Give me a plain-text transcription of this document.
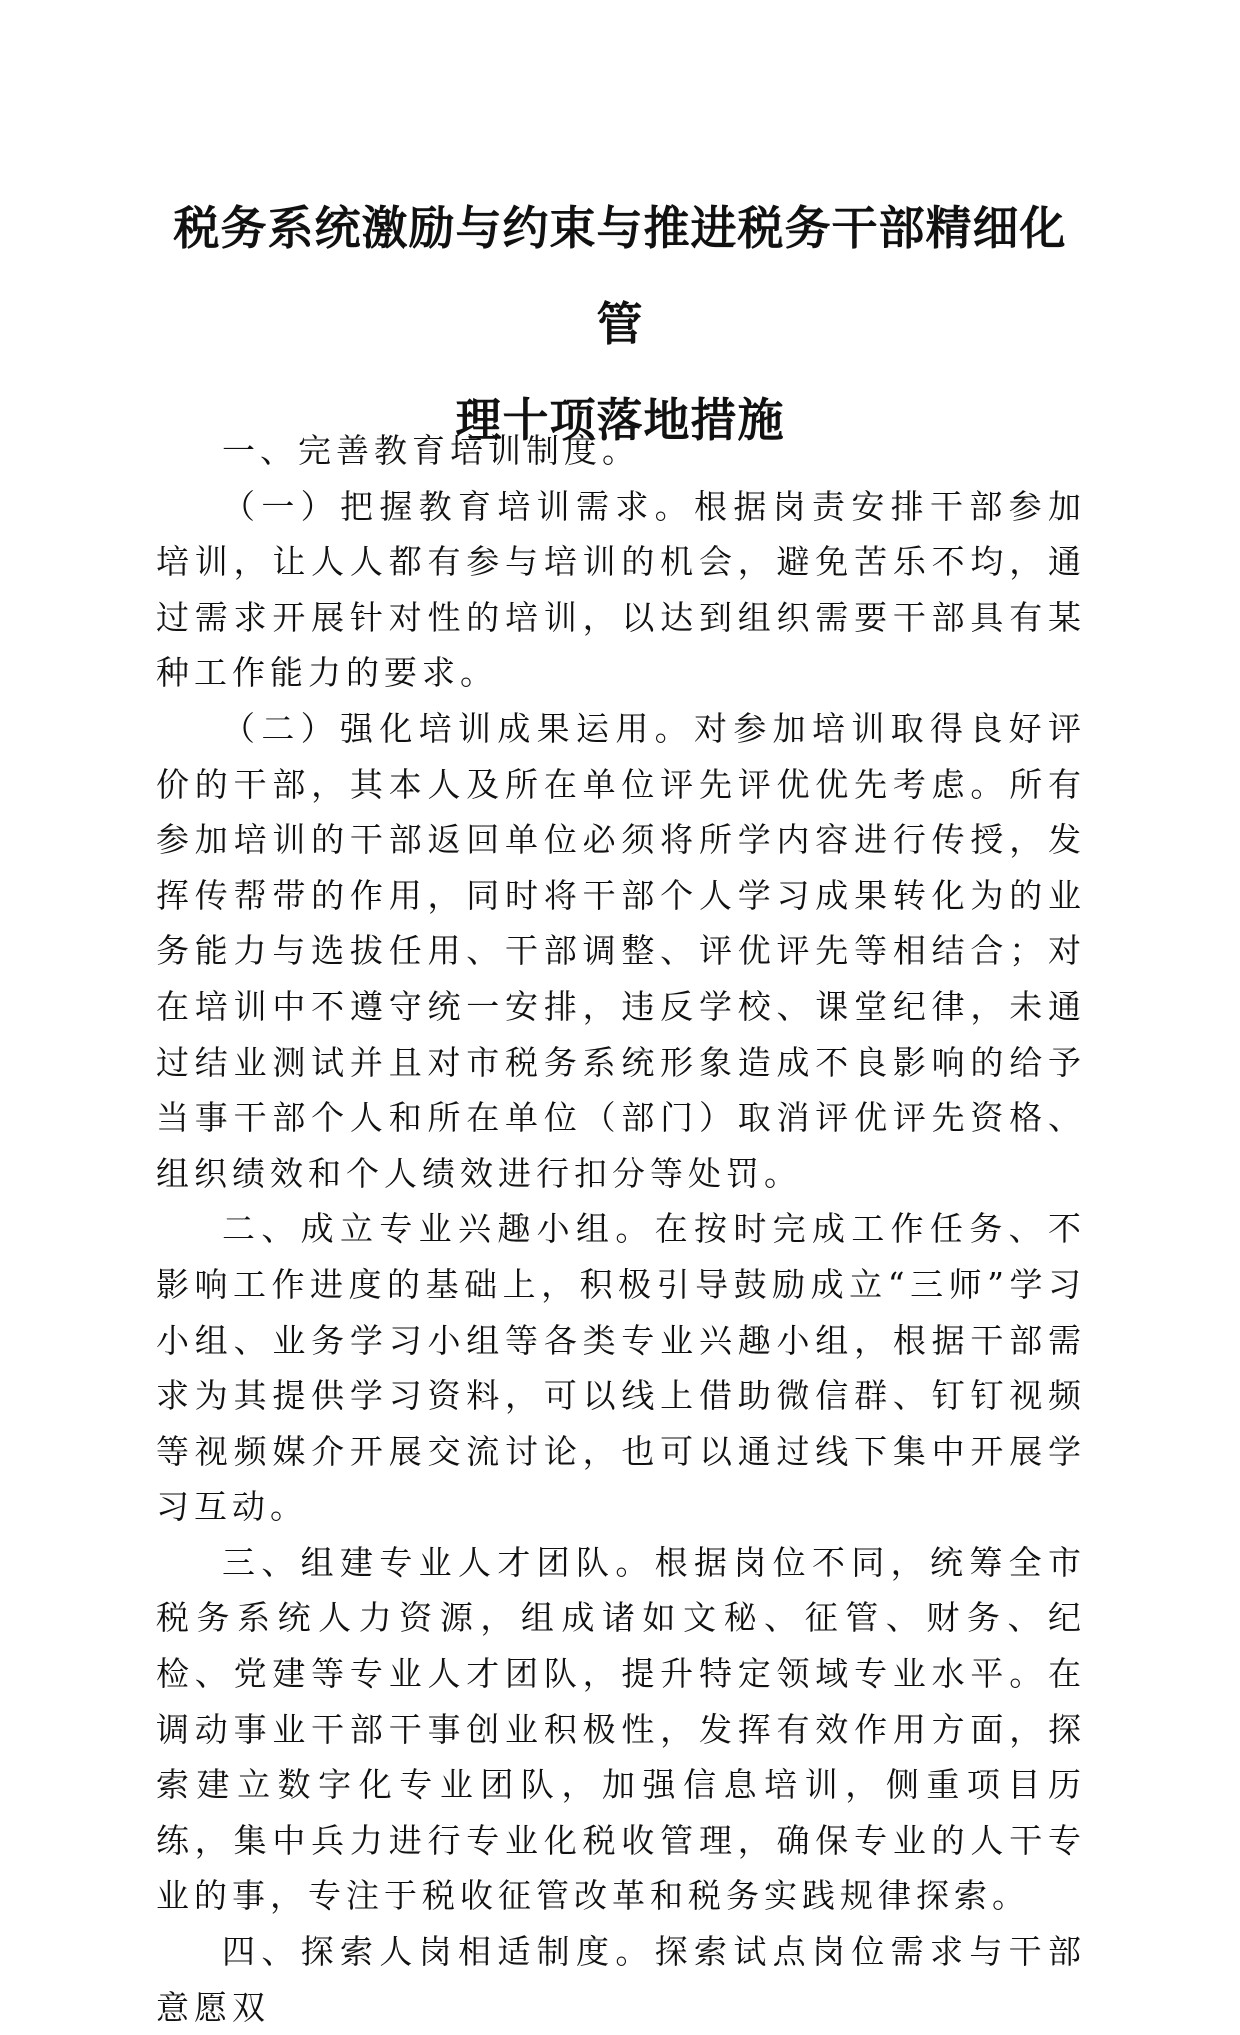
税务系统激励与约束与推进税务干部精细化管
理十项落地措施

一、完善教育培训制度。

（一）把握教育培训需求。根据岗责安排干部参加培训，让人人都有参与培训的机会，避免苦乐不均，通过需求开展针对性的培训，以达到组织需要干部具有某种工作能力的要求。

（二）强化培训成果运用。对参加培训取得良好评价的干部，其本人及所在单位评先评优优先考虑。所有参加培训的干部返回单位必须将所学内容进行传授，发挥传帮带的作用，同时将干部个人学习成果转化为的业务能力与选拔任用、干部调整、评优评先等相结合；对在培训中不遵守统一安排，违反学校、课堂纪律，未通过结业测试并且对市税务系统形象造成不良影响的给予当事干部个人和所在单位（部门）取消评优评先资格、组织绩效和个人绩效进行扣分等处罚。

二、成立专业兴趣小组。在按时完成工作任务、不影响工作进度的基础上，积极引导鼓励成立“三师”学习小组、业务学习小组等各类专业兴趣小组，根据干部需求为其提供学习资料，可以线上借助微信群、钉钉视频等视频媒介开展交流讨论，也可以通过线下集中开展学习互动。

三、组建专业人才团队。根据岗位不同，统筹全市税务系统人力资源，组成诸如文秘、征管、财务、纪检、党建等专业人才团队，提升特定领域专业水平。在调动事业干部干事创业积极性，发挥有效作用方面，探索建立数字化专业团队，加强信息培训，侧重项目历练，集中兵力进行专业化税收管理，确保专业的人干专业的事，专注于税收征管改革和税务实践规律探索。

四、探索人岗相适制度。探索试点岗位需求与干部意愿双
